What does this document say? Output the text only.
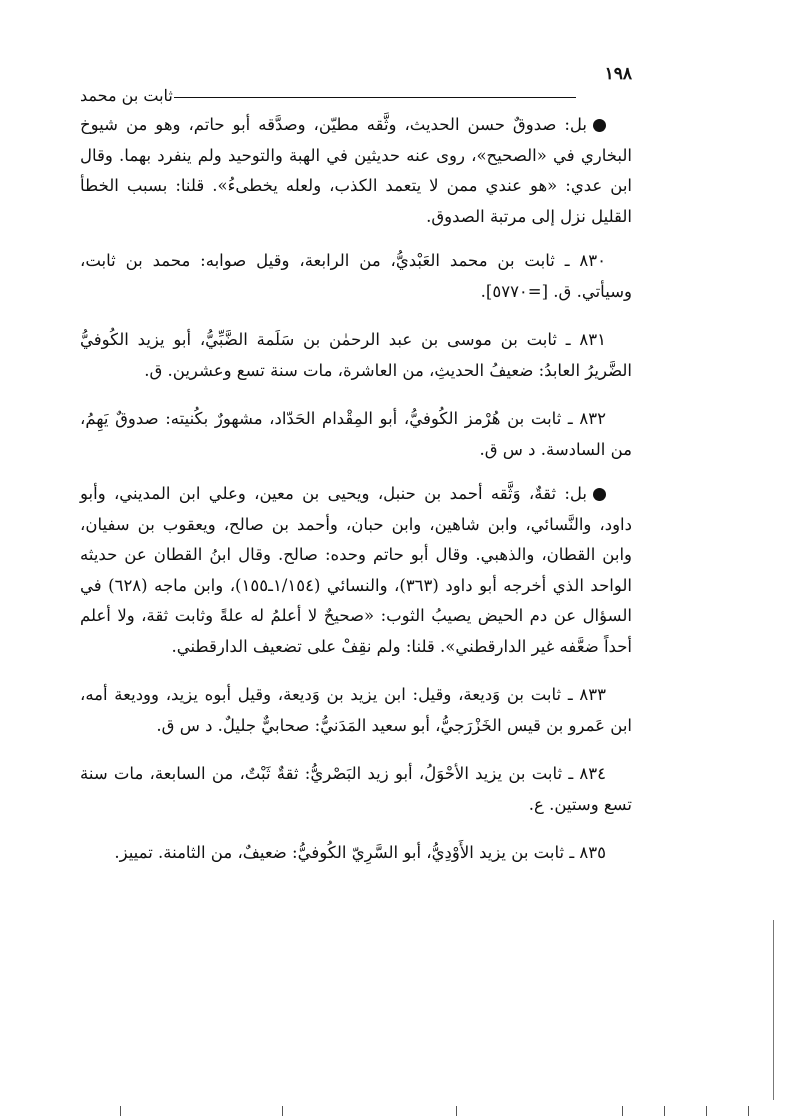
١٩٨
ثابت بن محمد

بل: صدوقٌ حسن الحديث، وثَّقه مطيّن، وصدَّقه أبو حاتم، وهو من شيوخ البخاري في «الصحيح»، روى عنه حديثين في الهبة والتوحيد ولم ينفرد بهما. وقال ابن عدي: «هو عندي ممن لا يتعمد الكذب، ولعله يخطىءُ». قلنا: بسبب الخطأ القليل نزل إلى مرتبة الصدوق.

٨٣٠ ـ ثابت بن محمد العَبْديُّ، من الرابعة، وقيل صوابه: محمد بن ثابت، وسيأتي. ق. [=٥٧٧٠].

٨٣١ ـ ثابت بن موسى بن عبد الرحمٰن بن سَلَمة الضَّبِّيُّ، أبو يزيد الكُوفيُّ الضَّريرُ العابدُ: ضعيفُ الحديثِ، من العاشرة، مات سنة تسع وعشرين. ق.

٨٣٢ ـ ثابت بن هُرْمز الكُوفيُّ، أبو المِقْدام الحَدّاد، مشهورٌ بكُنيته: صدوقٌ يَهِمُ، من السادسة. د س ق.

بل: ثقةٌ، وَثَّقه أحمد بن حنبل، ويحيى بن معين، وعلي ابن المديني، وأبو داود، والنَّسائي، وابن شاهين، وابن حبان، وأحمد بن صالح، ويعقوب بن سفيان، وابن القطان، والذهبي. وقال أبو حاتم وحده: صالح. وقال ابنُ القطان عن حديثه الواحد الذي أخرجه أبو داود (٣٦٣)، والنسائي (١/١٥٤ـ١٥٥)، وابن ماجه (٦٢٨) في السؤال عن دم الحيض يصيبُ الثوب: «صحيحٌ لا أعلمُ له علةً وثابت ثقة، ولا أعلم أحداً ضعَّفه غير الدارقطني». قلنا: ولم نقِفْ على تضعيف الدارقطني.

٨٣٣ ـ ثابت بن وَديعة، وقيل: ابن يزيد بن وَديعة، وقيل أبوه يزيد، ووديعة أمه، ابن عَمرو بن قيس الخَزْرَجيُّ، أبو سعيد المَدَنيُّ: صحابيٌّ جليلٌ. د س ق.

٨٣٤ ـ ثابت بن يزيد الأحْوَلُ، أبو زيد البَصْريُّ: ثقةٌ ثَبْتٌ، من السابعة، مات سنة تسع وستين. ع.

٨٣٥ ـ ثابت بن يزيد الأَوْدِيُّ، أبو السَّرِيّ الكُوفيُّ: ضعيفٌ، من الثامنة. تمييز.
